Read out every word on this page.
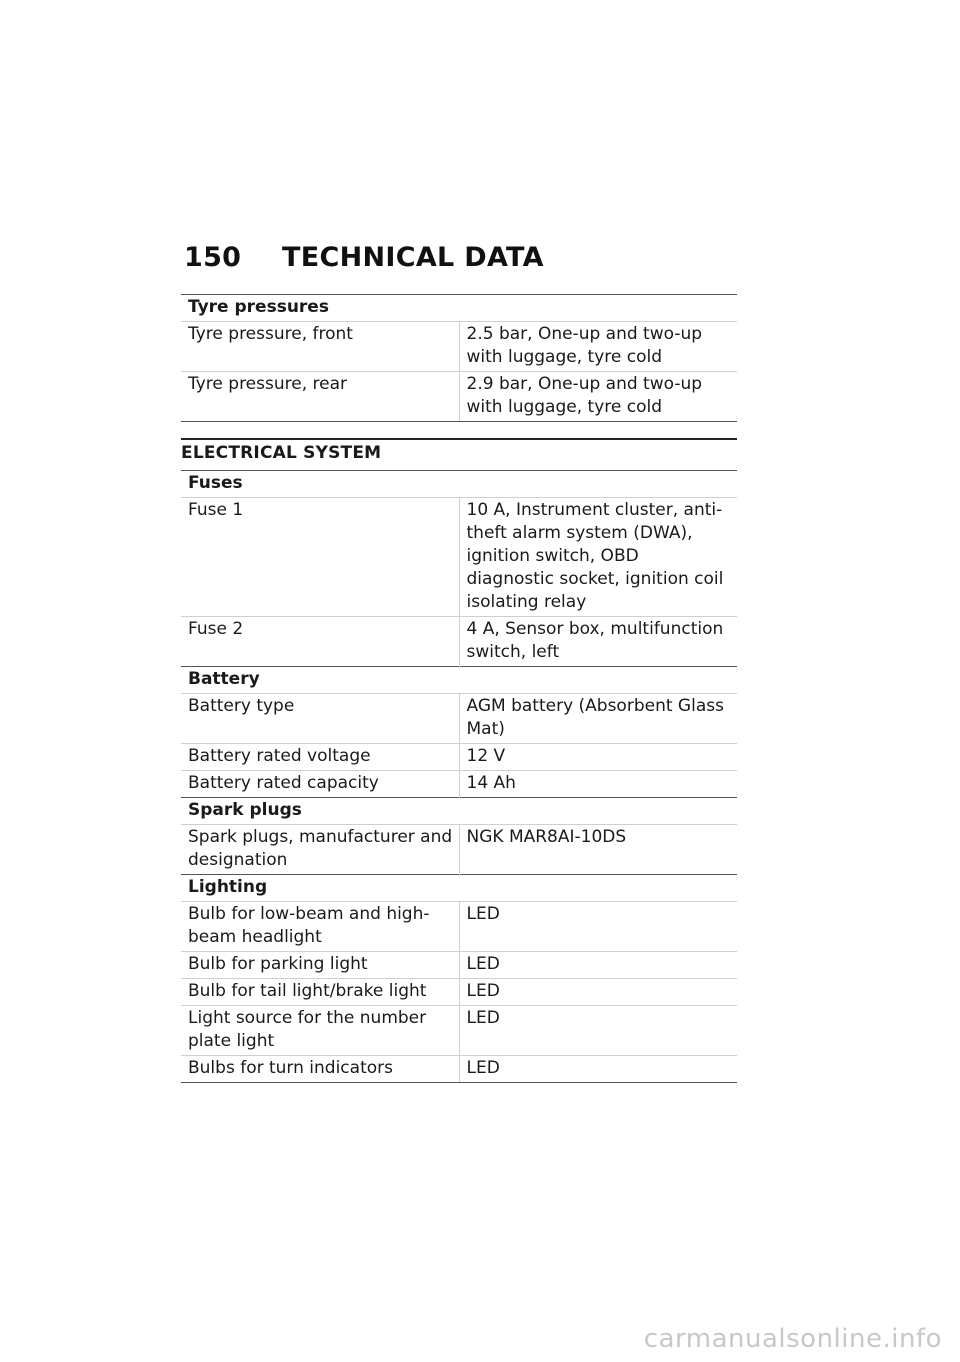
150	TECHNICAL DATA
Tyre pressures	
Tyre pressure, front	2.5 bar, One-up and two-up with luggage, tyre cold
Tyre pressure, rear	2.9 bar, One-up and two-up with luggage, tyre cold
ELECTRICAL SYSTEM
Fuses	
Fuse 1	10 A, Instrument cluster, anti-theft alarm system (DWA), ignition switch, OBD diagnostic socket, ignition coil isolating relay
Fuse 2	4 A, Sensor box, multifunction switch, left
Battery	
Battery type	AGM battery (Absorbent Glass Mat)
Battery rated voltage	12 V
Battery rated capacity	14 Ah
Spark plugs	
Spark plugs, manufacturer and designation	NGK MAR8AI-10DS
Lighting	
Bulb for low-beam and high-beam headlight	LED
Bulb for parking light	LED
Bulb for tail light/brake light	LED
Light source for the number plate light	LED
Bulbs for turn indicators	LED
carmanualsonline.info
